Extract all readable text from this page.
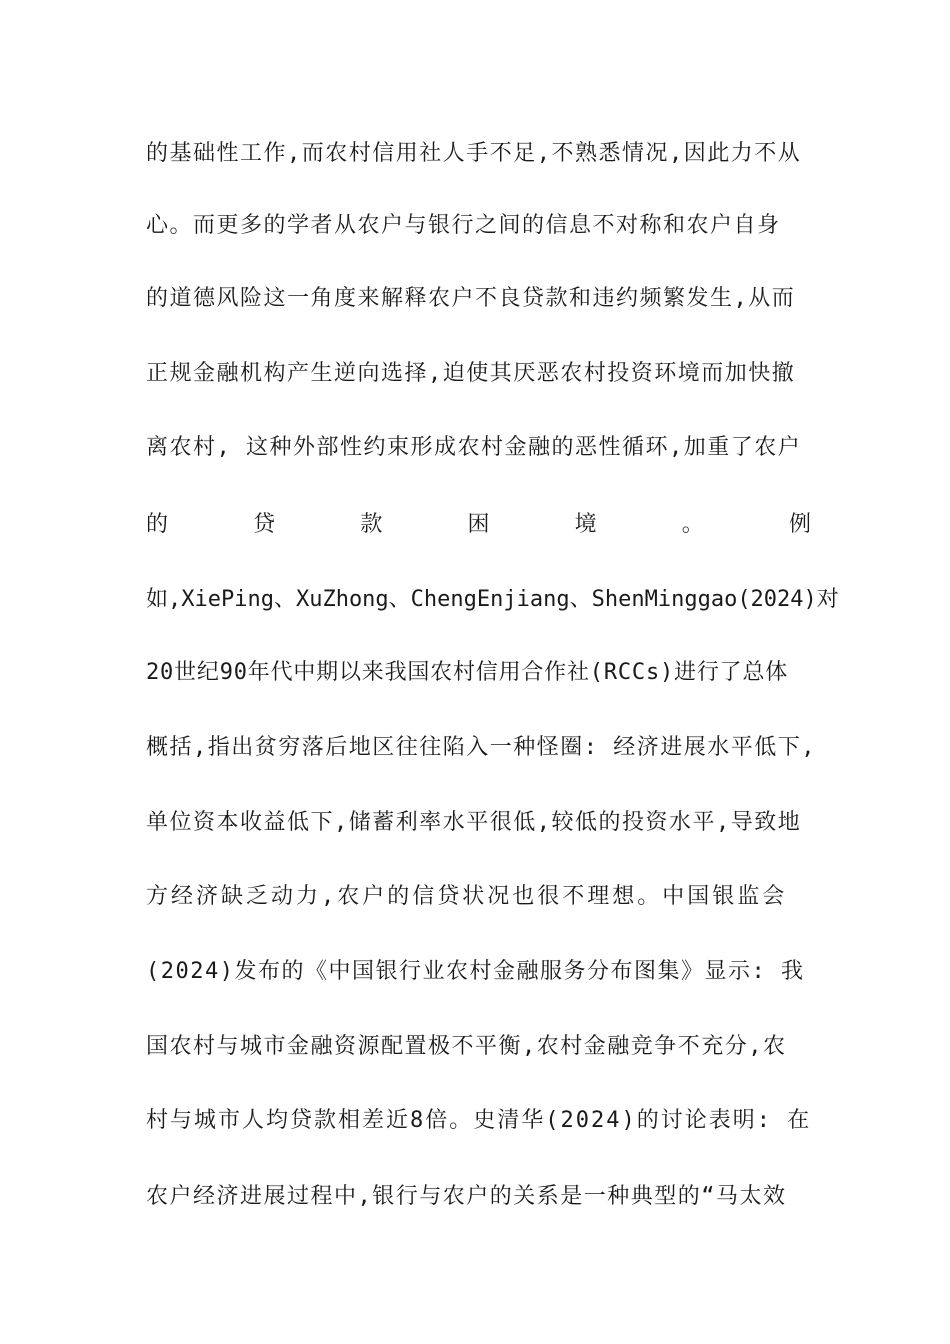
的基础性工作,而农村信用社人手不足,不熟悉情况,因此力不从
心。而更多的学者从农户与银行之间的信息不对称和农户自身
的道德风险这一角度来解释农户不良贷款和违约频繁发生,从而
正规金融机构产生逆向选择,迫使其厌恶农村投资环境而加快撤
离农村, 这种外部性约束形成农村金融的恶性循环,加重了农户
的	贷	款	困	境	。	例
如,XiePing、XuZhong、ChengEnjiang、ShenMinggao(2024)对
20世纪90年代中期以来我国农村信用合作社(RCCs)进行了总体
概括,指出贫穷落后地区往往陷入一种怪圈: 经济进展水平低下,
单位资本收益低下,储蓄利率水平很低,较低的投资水平,导致地
方经济缺乏动力,农户的信贷状况也很不理想。中国银监会
(2024)发布的《中国银行业农村金融服务分布图集》显示: 我
国农村与城市金融资源配置极不平衡,农村金融竞争不充分,农
村与城市人均贷款相差近8倍。史清华(2024)的讨论表明: 在
农户经济进展过程中,银行与农户的关系是一种典型的“马太效
